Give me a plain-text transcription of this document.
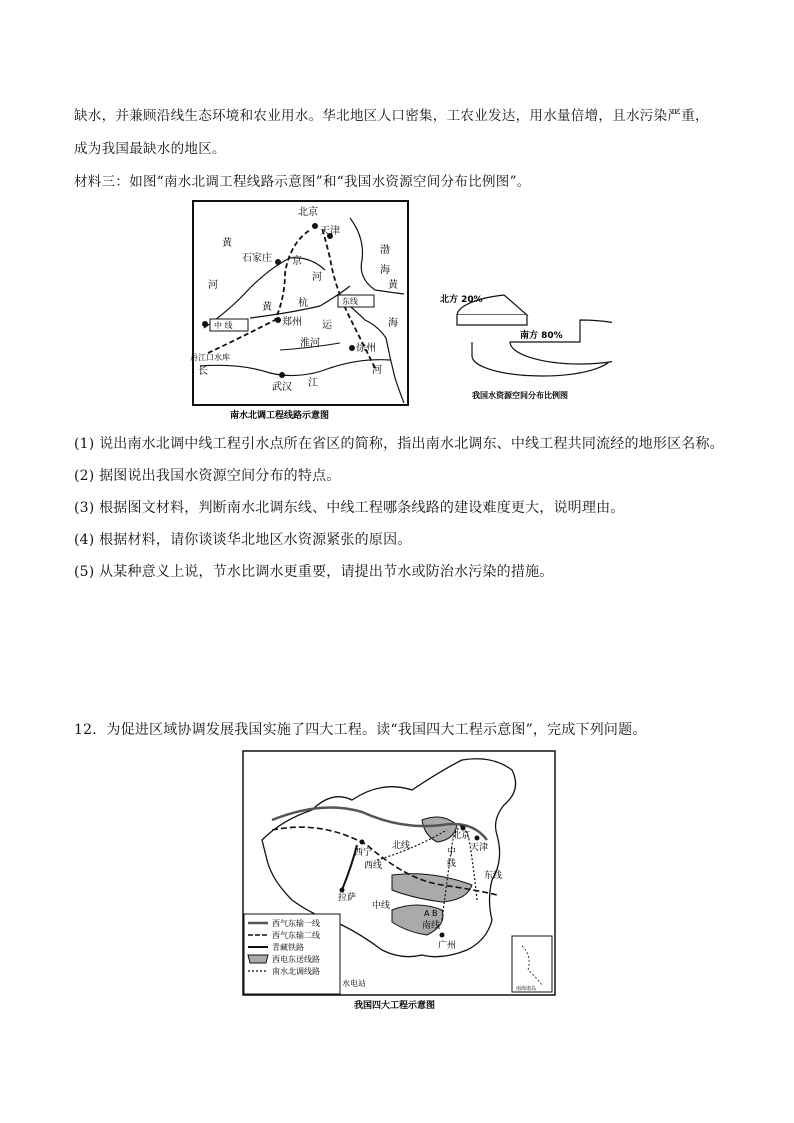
缺水，并兼顾沿线生态环境和农业用水。华北地区人口密集，工农业发达，用水量倍增，且水污染严重，
成为我国最缺水的地区。
材料三：如图“南水北调工程线路示意图”和“我国水资源空间分布比例图”。
北京
天津
石家庄
郑州
徐州
武汉
淮河
丹江口水库
渤
海
黄
河
黄
黄
海
京
杭
运
河
中 线
东线
长
江
河
南水北调工程线路示意图
北方 20%
南方 80%
我国水资源空间分布比例图
(1) 说出南水北调中线工程引水点所在省区的简称，指出南水北调东、中线工程共同流经的地形区名称。
(2) 据图说出我国水资源空间分布的特点。
(3) 根据图文材料，判断南水北调东线、中线工程哪条线路的建设难度更大，说明理由。
(4) 根据材料，请你谈谈华北地区水资源紧张的原因。
(5) 从某种意义上说，节水比调水更重要，请提出节水或防治水污染的措施。
12．为促进区域协调发展我国实施了四大工程。读“我国四大工程示意图”，完成下列问题。
北京
天津
西宁
西线
北线
中
线
东线
中线
拉萨
A B
南线
广州
南海诸岛
西气东输一线
西气东输二线
青藏铁路
西电东送线路
南水北调线路
水电站
我国四大工程示意图
